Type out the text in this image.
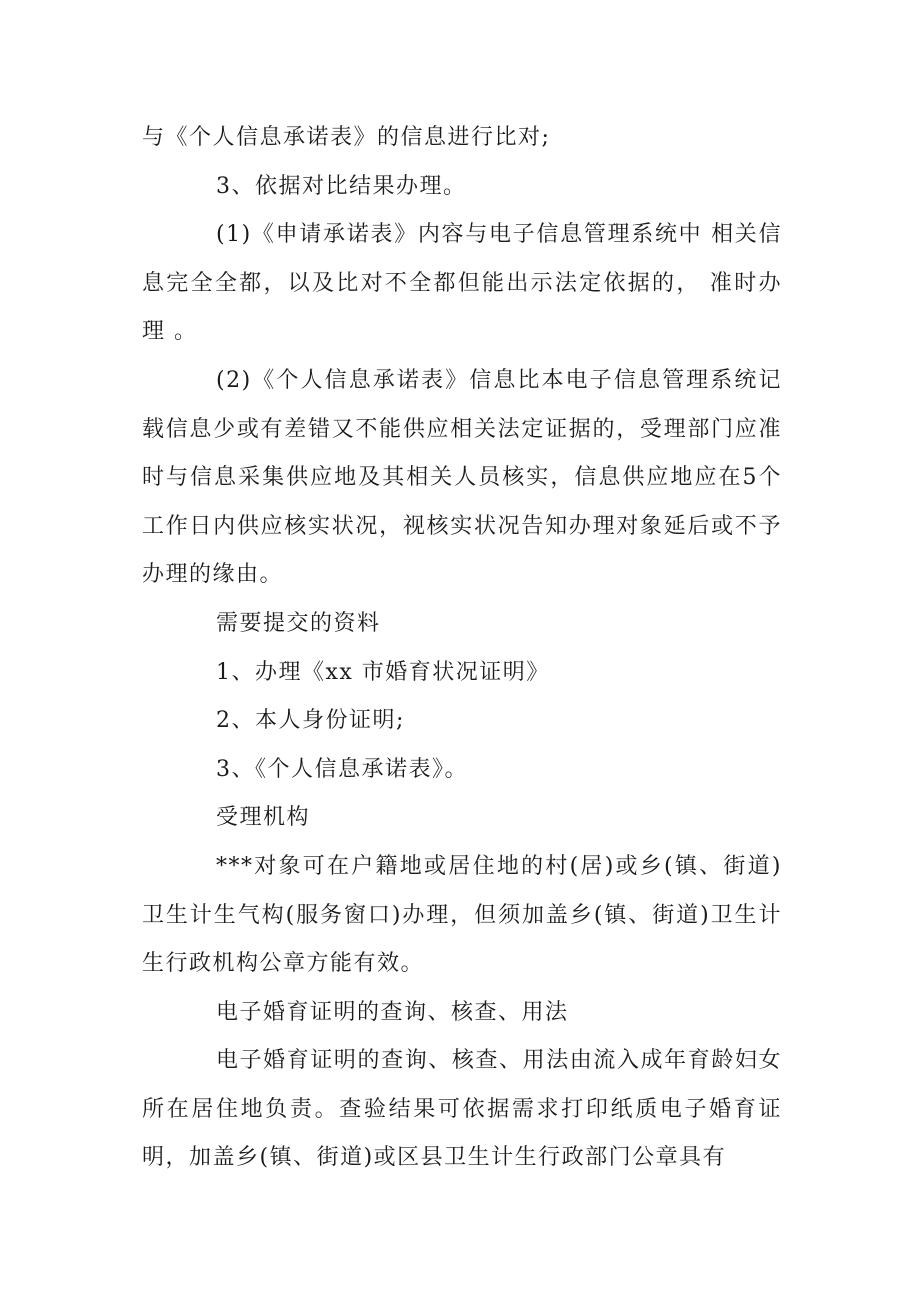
与《个人信息承诺表》的信息进行比对;

3、依据对比结果办理。

(1)《申请承诺表》内容与电子信息管理系统中 相关信息完全全都，以及比对不全都但能出示法定依据的， 准时办理 。

(2)《个人信息承诺表》信息比本电子信息管理系统记载信息少或有差错又不能供应相关法定证据的，受理部门应准时与信息采集供应地及其相关人员核实，信息供应地应在5个工作日内供应核实状况，视核实状况告知办理对象延后或不予办理的缘由。

需要提交的资料

1、办理《xx 市婚育状况证明》

2、本人身份证明;

3、《个人信息承诺表》。

受理机构

***对象可在户籍地或居住地的村(居)或乡(镇、街道)卫生计生气构(服务窗口)办理，但须加盖乡(镇、街道)卫生计生行政机构公章方能有效。

电子婚育证明的查询、核查、用法

电子婚育证明的查询、核查、用法由流入成年育龄妇女所在居住地负责。查验结果可依据需求打印纸质电子婚育证明，加盖乡(镇、街道)或区县卫生计生行政部门公章具有
